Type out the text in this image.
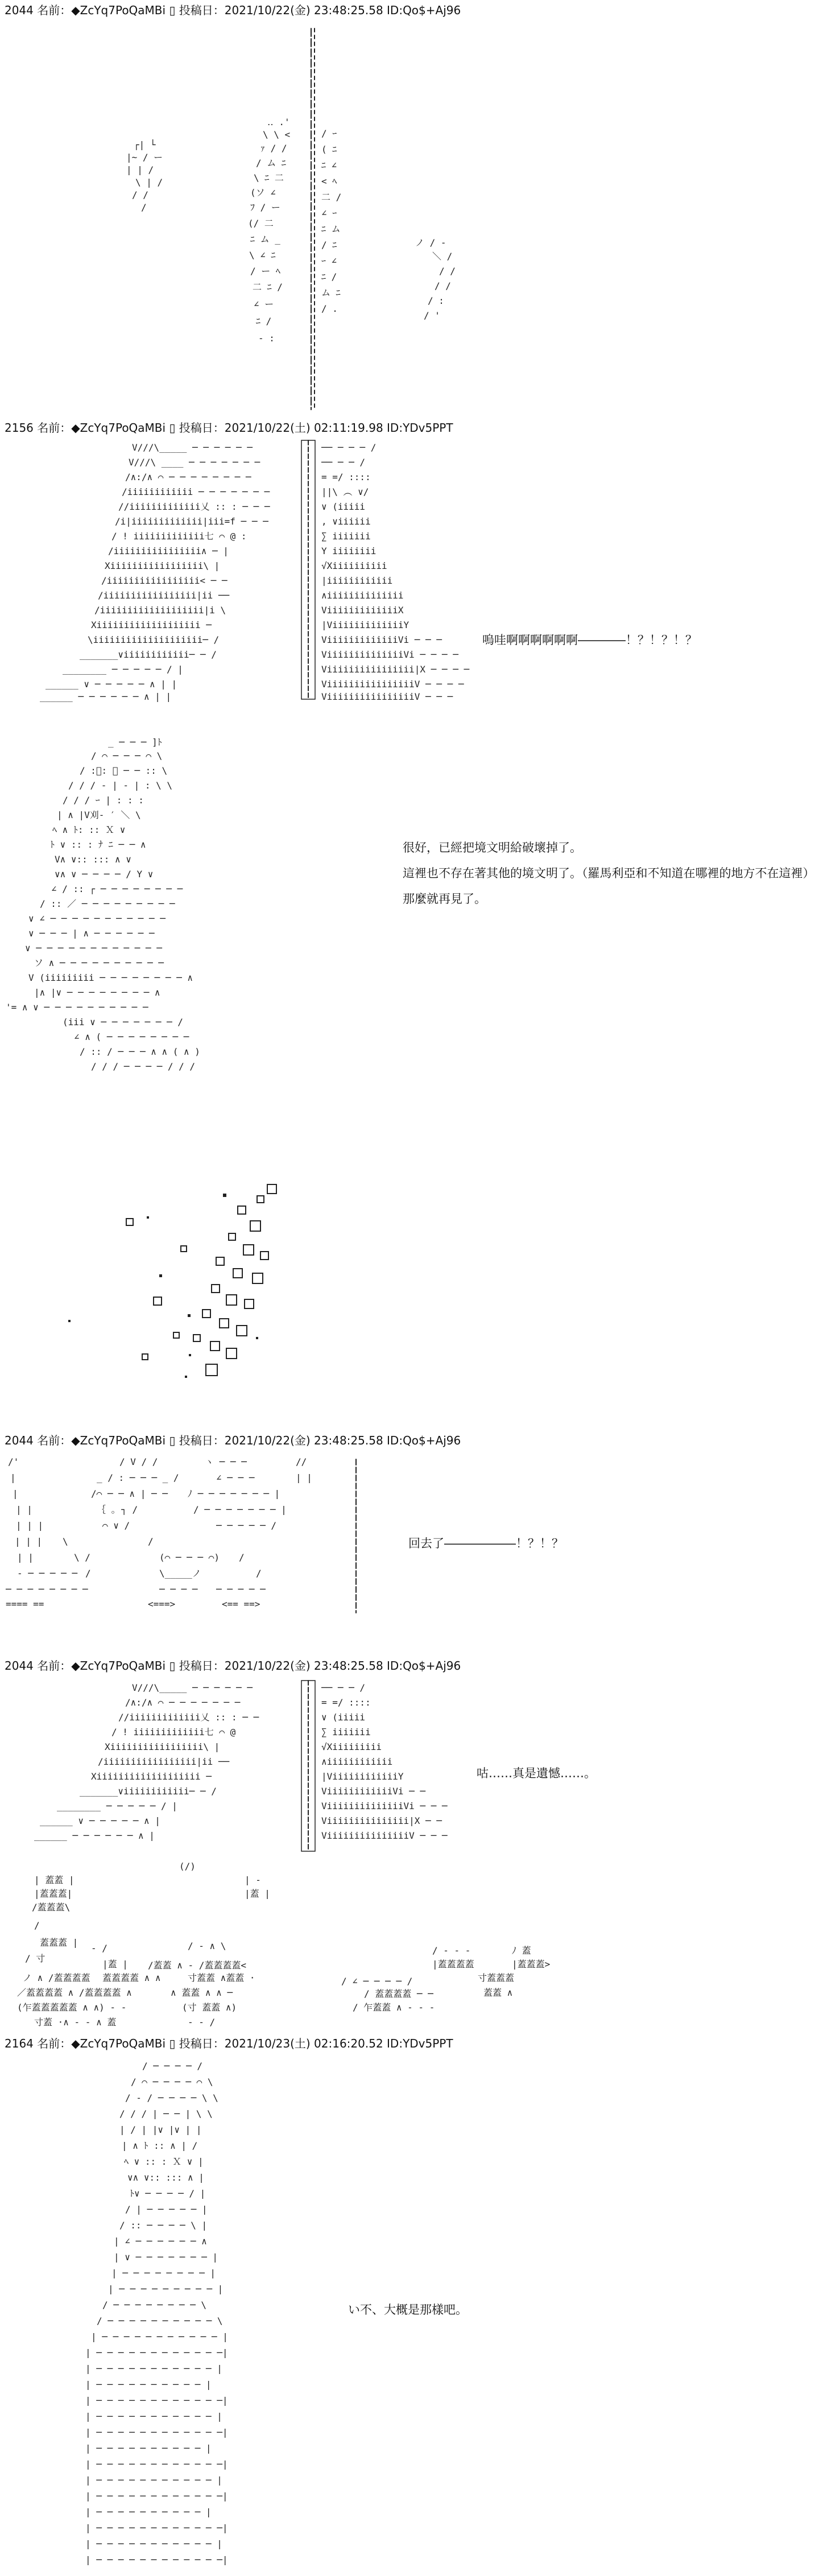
2044 名前：◆ZcYq7PoQaMBi ▯ 投稿日：2021/10/22(金) 23:48:25.58 ID:Qo$+Aj96
┌| └
|~ / ー
| | /
\ | /
/ /
/
‥ .'
\ \ <
ｧ / /
/ ム ﾆ
\ ﾆ 二
(ソ ∠
ﾌ / ー
(/ 二
ﾆ ム _
\ ∠ ﾆ
/ ー ﾍ
二 ﾆ /
∠ ー
ﾆ /
- :
/ ｰ
( ﾆ
ﾆ ∠
< ﾍ
二 /
∠ ｰ
ﾆ ム
/ ﾆ
ｰ ∠
ﾆ /
ム ﾆ
/ .
ノ / ‐
＼ /
/ /
/ /
/ :
/ '
2156 名前：◆ZcYq7PoQaMBi ▯ 投稿日：2021/10/22(土) 02:11:19.98 ID:YDv5PPT
V///\_____ ─ ─ ─ ─ ─ ─
V///\ ____ ─ ─ ─ ─ ─ ─ ─
/∧:/∧ ⌒ ─ ─ ─ ─ ─ ─ ─ ─
/iiiiiiiiiiii ─ ─ ─ ─ ─ ─ ─
//iiiiiiiiiiiii乂 :: : ─ ─ ─
/i|iiiiiiiiiiiii|iii=f ─ ─ ─
/ ! iiiiiiiiiiiii七 ⌒ @ :
/iiiiiiiiiiiiiiii∧ ─ |
Xiiiiiiiiiiiiiiiii\ |
/iiiiiiiiiiiiiiiii< ─ ─
/iiiiiiiiiiiiiiiii|ii ──
/iiiiiiiiiiiiiiiiiii|i \
Xiiiiiiiiiiiiiiiiiii ─
\iiiiiiiiiiiiiiiiiiii─ /
_______∨iiiiiiiiiiii─ ─ /
________ ─ ─ ─ ─ ─ / |
______ ∨ ─ ─ ─ ─ ─ ∧ | |
______ ─ ─ ─ ─ ─ ─ ∧ | |
── ─ ─ ─ /
── ─ ─ /
= =/ ::::
||\ ︵ ∨/
∨ (iiiii
, ∨iiiiii
∑ iiiiiii
Y iiiiiiii
√Xiiiiiiiiii
|iiiiiiiiiiii
∧iiiiiiiiiiiiii
ViiiiiiiiiiiiiX
|ViiiiiiiiiiiiiY
ViiiiiiiiiiiiiVi ─ ─ ─
ViiiiiiiiiiiiiiVi ─ ─ ─ ─
Viiiiiiiiiiiiiiii|X ─ ─ ─ ─
ViiiiiiiiiiiiiiiiV ─ ─ ─ ─
ViiiiiiiiiiiiiiiiV ─ ─ ─
嗚哇啊啊啊啊啊啊――――！？！？！？
_ ─ ─ ─ ]ﾄ
/ ⌒ ─ ─ ─ ⌒ \
/ :ﾞ: ー ─ ─ :: \
/ / / ‐ | ‐ | : \ \
/ / / ｰ | : : :
| ∧ |V刈- ′ ＼ \
ﾍ ∧ ﾄ: :: Ｘ ∨
ﾄ ∨ :: : ﾅ ﾆ ─ ─ ∧
V∧ ∨:: ::: ∧ ∨
∨∧ ∨ ─ ─ ─ ─ / Y ∨
∠ / :: ┌ ─ ─ ─ ─ ─ ─ ─ ─
/ :: ／ ─ ─ ─ ─ ─ ─ ─ ─ ─
∨ ∠ ─ ─ ─ ─ ─ ─ ─ ─ ─ ─ ─
∨ ─ ─ ─ | ∧ ─ ─ ─ ─ ─ ─
∨ ─ ─ ─ ─ ─ ─ ─ ─ ─ ─ ─ ─
ソ ∧ ─ ─ ─ ─ ─ ─ ─ ─ ─ ─
V (iiiiiiiii ─ ─ ─ ─ ─ ─ ─ ─ ∧
|∧ |∨ ─ ─ ─ ─ ─ ─ ─ ─ ∧
'= ∧ ∨ ─ ─ ─ ─ ─ ─ ─ ─ ─ ─
(iii ∨ ─ ─ ─ ─ ─ ─ ─ /
∠ ∧ ( ─ ─ ─ ─ ─ ─ ─ ─
/ :: / ─ ─ ─ ∧ ∧ ( ∧ )
/ / / ─ ─ ─ ─ / / /
很好，已經把境文明給破壞掉了。
這裡也不存在著其他的境文明了。（羅馬利亞和不知道在哪裡的地方不在這裡）
那麼就再見了。
2044 名前：◆ZcYq7PoQaMBi ▯ 投稿日：2021/10/22(金) 23:48:25.58 ID:Qo$+Aj96
/'	/ V / /	ヽ ─ ─ ─	//
|	_ / : ─ ─ ─ _ /	∠ ─ ─ ─	| |
|	/⌒ ─ ─ ∧ | ─ ─ ﾉ ─ ─ ─ ─ ─ ─ ─ |
| |	｛ ｡ ┐ /	/ ─ ─ ─ ─ ─ ─ ─ |
| | |	⌒ ∨ /	─ ─ ─ ─ ─ /
| | | \	/
| |	\ /	(⌒ ─ ─ ─ ⌒) /
‐ ─ ─ ─ ─ ─ /	\_____ノ	/
─ ─ ─ ─ ─ ─ ─ ─	─ ─ ─ ─ ─ ─ ─ ─ ─
==== ==	<===>	<== ==>
回去了――――――！？！？
2044 名前：◆ZcYq7PoQaMBi ▯ 投稿日：2021/10/22(金) 23:48:25.58 ID:Qo$+Aj96
V///\_____ ─ ─ ─ ─ ─ ─
/∧:/∧ ⌒ ─ ─ ─ ─ ─ ─ ─
//iiiiiiiiiiiii乂 :: : ─ ─
/ ! iiiiiiiiiiiii七 ⌒ @
Xiiiiiiiiiiiiiiiii\ |
/iiiiiiiiiiiiiiiii|ii ──
Xiiiiiiiiiiiiiiiiiii ─
_______∨iiiiiiiiiiii─ ─ /
________ ─ ─ ─ ─ ─ / |
______ ∨ ─ ─ ─ ─ ─ ∧ |
______ ─ ─ ─ ─ ─ ─ ∧ |
── ─ ─ /
= =/ ::::
∨ (iiiii
∑ iiiiiii
√Xiiiiiiiii
∧iiiiiiiiiiii
|ViiiiiiiiiiiiY
ViiiiiiiiiiiiVi ─ ─
ViiiiiiiiiiiiiiVi ─ ─ ─
Viiiiiiiiiiiiiii|X ─ ─
ViiiiiiiiiiiiiiiV ─ ─ ─
咕……真是遺憾……。
(/)
| 蓋蓋 |	| ‐
|蓋蓋蓋|	|蓋 |
/蓋蓋蓋\
/
蓋蓋蓋 |
‐ /	/ ‐ ∧ \
/ 寸
|蓋 | /蓋蓋 ∧ ‐ /蓋蓋蓋蓋<
/ ‐ ‐ ‐
|蓋蓋蓋蓋
ﾉ 蓋
|蓋蓋蓋>
ノ ∧ /蓋蓋蓋蓋 蓋蓋蓋蓋 ∧ ∧	寸蓋蓋 ∧蓋蓋 ·	/ ∠ ─ ─ ─ ─ /	寸蓋蓋蓋
／蓋蓋蓋蓋 ∧ /蓋蓋蓋蓋 ∧	∧ 蓋蓋 ∧ ∧ ─	/ 蓋蓋蓋蓋 ─ ─	蓋蓋 ∧
(乍蓋蓋蓋蓋蓋 ∧ ∧) ‐ ‐	(寸 蓋蓋 ∧)	/ 乍蓋蓋 ∧ ‐ ‐ ‐
寸蓋 ·∧ ‐ ‐ ∧ 蓋	‐ ‐ /
2164 名前：◆ZcYq7PoQaMBi ▯ 投稿日：2021/10/23(土) 02:16:20.52 ID:YDv5PPT
/ ─ ─ ─ ─ /
/ ⌒ ─ ─ ─ ─ ⌒ \
/ ‐ / ─ ─ ─ ─ \ \
/ / / | ─ ─ | \ \
| / | |∨ |∨ | |
| ∧ ﾄ :: ∧ | /
ﾍ ∨ :: : Ｘ ∨ |
∨∧ ∨:: ::: ∧ |
ﾄ∨ ─ ─ ─ ─ / |
/ | ─ ─ ─ ─ ─ |
/ :: ─ ─ ─ ─ \ |
| ∠ ─ ─ ─ ─ ─ ─ ∧
| ∨ ─ ─ ─ ─ ─ ─ ─ |
| ─ ─ ─ ─ ─ ─ ─ ─ |
| ─ ─ ─ ─ ─ ─ ─ ─ ─ |
/ ─ ─ ─ ─ ─ ─ ─ ─ \
/ ─ ─ ─ ─ ─ ─ ─ ─ ─ ─ \
| ─ ─ ─ ─ ─ ─ ─ ─ ─ ─ ─ |
| ─ ─ ─ ─ ─ ─ ─ ─ ─ ─ ─ ─|
| ─ ─ ─ ─ ─ ─ ─ ─ ─ ─ ─ |
| ─ ─ ─ ─ ─ ─ ─ ─ ─ ─ |
| ─ ─ ─ ─ ─ ─ ─ ─ ─ ─ ─ ─|
| ─ ─ ─ ─ ─ ─ ─ ─ ─ ─ ─ |
| ─ ─ ─ ─ ─ ─ ─ ─ ─ ─ ─ ─|
| ─ ─ ─ ─ ─ ─ ─ ─ ─ ─ |
| ─ ─ ─ ─ ─ ─ ─ ─ ─ ─ ─ ─|
| ─ ─ ─ ─ ─ ─ ─ ─ ─ ─ ─ |
| ─ ─ ─ ─ ─ ─ ─ ─ ─ ─ ─ ─|
| ─ ─ ─ ─ ─ ─ ─ ─ ─ ─ |
| ─ ─ ─ ─ ─ ─ ─ ─ ─ ─ ─ ─|
| ─ ─ ─ ─ ─ ─ ─ ─ ─ ─ ─ |
| ─ ─ ─ ─ ─ ─ ─ ─ ─ ─ ─ ─|
い不、大概是那樣吧。
